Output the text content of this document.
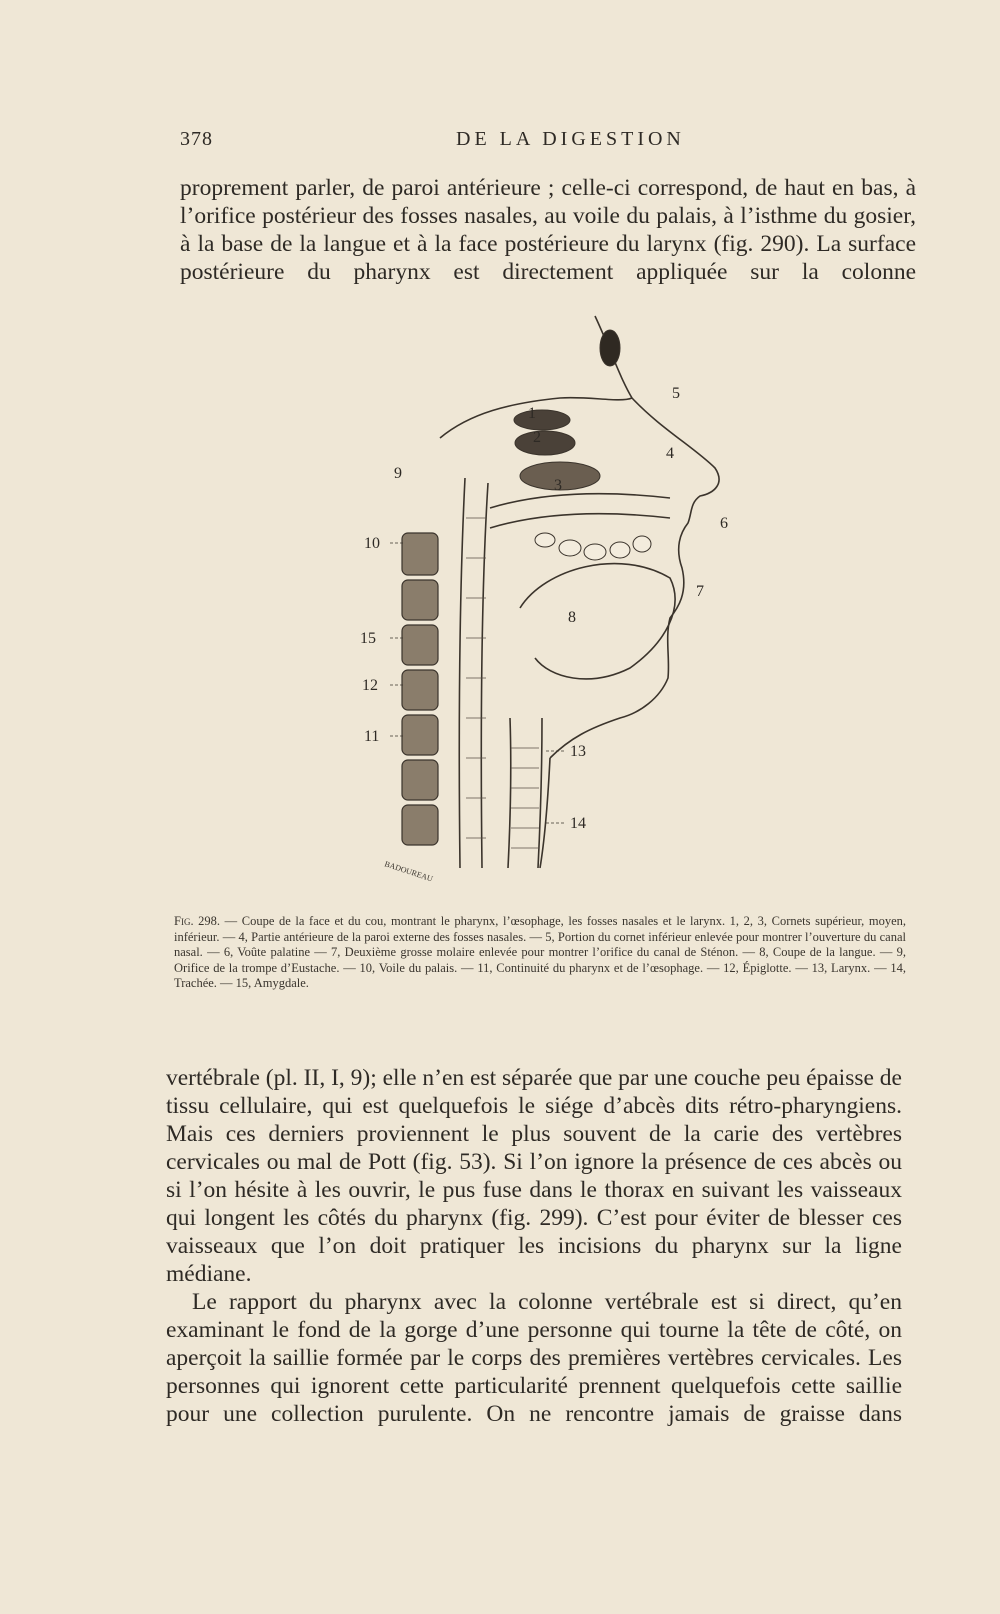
378	DE LA DIGESTION

proprement parler, de paroi antérieure ; celle-ci correspond, de haut en bas, à l’orifice postérieur des fosses nasales, au voile du palais, à l’isthme du gosier, à la base de la langue et à la face postérieure du larynx (fig. 290). La surface postérieure du pharynx est directement appliquée sur la colonne

1
2
3
4
5
6
7
8
9
10
15
12
11
13
14
BADOUREAU

Fig. 298. — Coupe de la face et du cou, montrant le pharynx, l’œsophage, les fosses nasales et le larynx. 1, 2, 3, Cornets supérieur, moyen, inférieur. — 4, Partie antérieure de la paroi externe des fosses nasales. — 5, Portion du cornet inférieur enlevée pour montrer l’ouverture du canal nasal. — 6, Voûte palatine — 7, Deuxième grosse molaire enlevée pour montrer l’orifice du canal de Sténon. — 8, Coupe de la langue. — 9, Orifice de la trompe d’Eustache. — 10, Voile du palais. — 11, Continuité du pharynx et de l’œsophage. — 12, Épiglotte. — 13, Larynx. — 14, Trachée. — 15, Amygdale.

vertébrale (pl. II, I, 9); elle n’en est séparée que par une couche peu épaisse de tissu cellulaire, qui est quelquefois le siége d’abcès dits rétro-pharyngiens. Mais ces derniers proviennent le plus souvent de la carie des vertèbres cervicales ou mal de Pott (fig. 53). Si l’on ignore la présence de ces abcès ou si l’on hésite à les ouvrir, le pus fuse dans le thorax en suivant les vaisseaux qui longent les côtés du pharynx (fig. 299). C’est pour éviter de blesser ces vaisseaux que l’on doit pratiquer les incisions du pharynx sur la ligne médiane.

Le rapport du pharynx avec la colonne vertébrale est si direct, qu’en examinant le fond de la gorge d’une personne qui tourne la tête de côté, on aperçoit la saillie formée par le corps des premières vertèbres cervicales. Les personnes qui ignorent cette particularité prennent quelquefois cette saillie pour une collection purulente. On ne rencontre jamais de graisse dans
